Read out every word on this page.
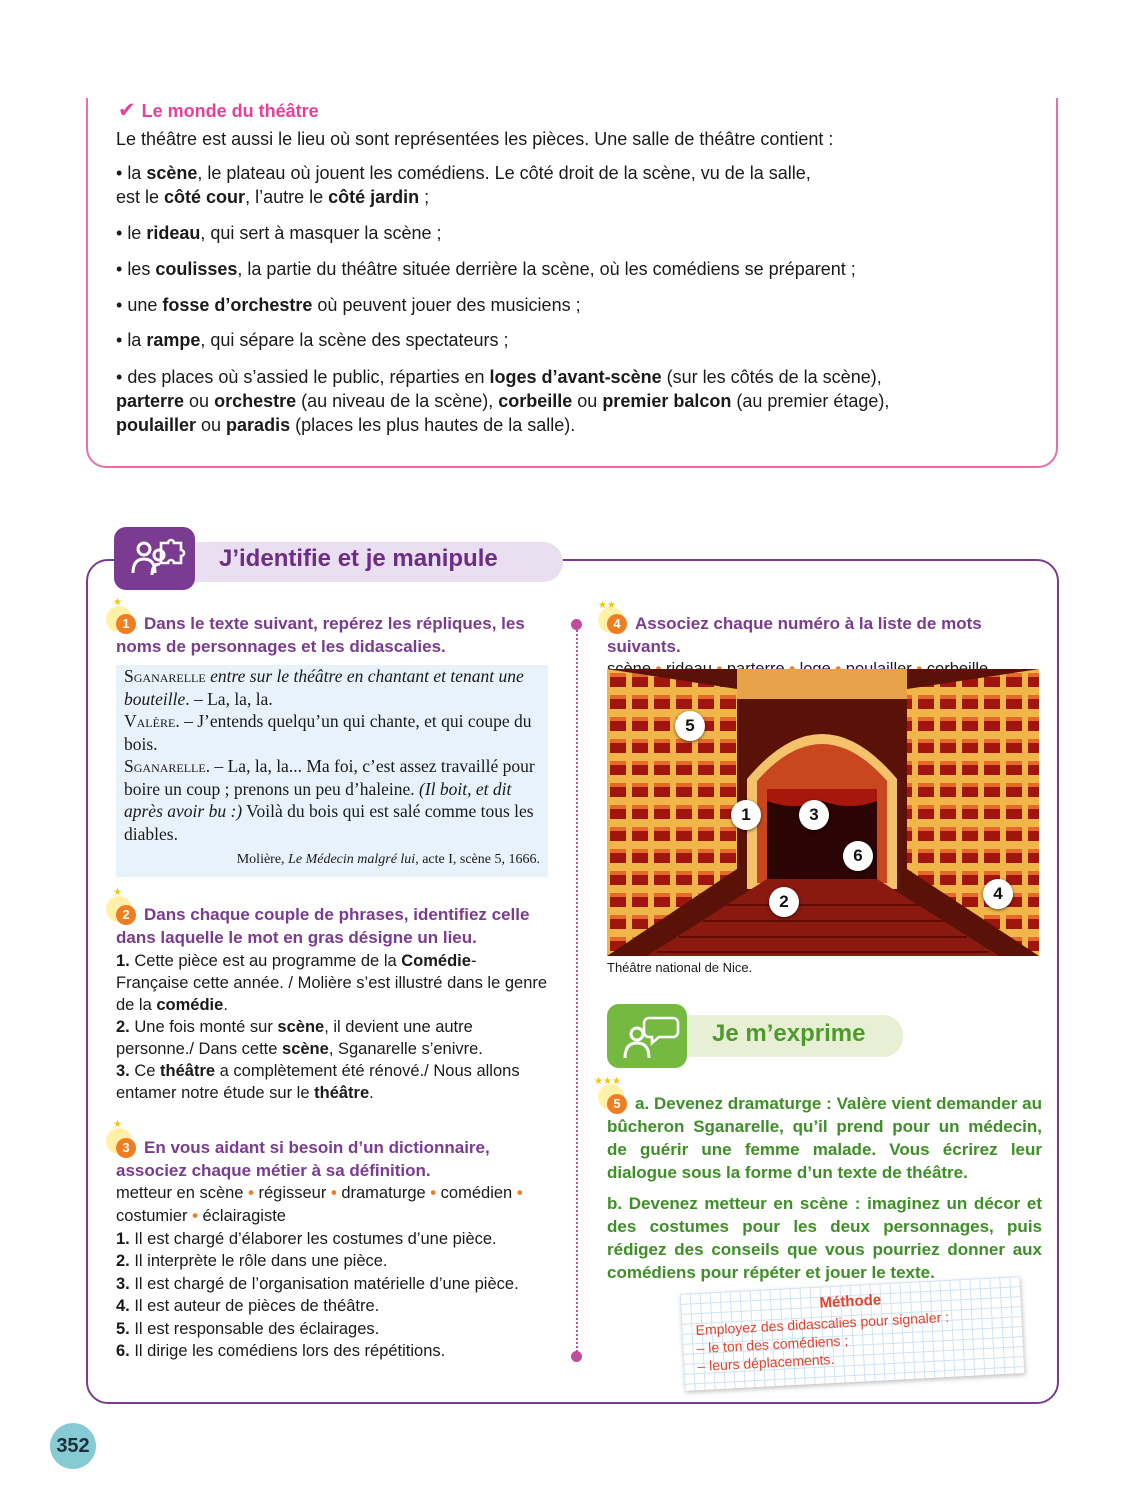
✔ Le monde du théâtre
Le théâtre est aussi le lieu où sont représentées les pièces. Une salle de théâtre contient :
• la scène, le plateau où jouent les comédiens. Le côté droit de la scène, vu de la salle,
est le côté cour, l’autre le côté jardin ;
• le rideau, qui sert à masquer la scène ;
• les coulisses, la partie du théâtre située derrière la scène, où les comédiens se préparent ;
• une fosse d’orchestre où peuvent jouer des musiciens ;
• la rampe, qui sépare la scène des spectateurs ;
• des places où s’assied le public, réparties en loges d’avant-scène (sur les côtés de la scène),
parterre ou orchestre (au niveau de la scène), corbeille ou premier balcon (au premier étage),
poulailler ou paradis (places les plus hautes de la salle).
J’identifie et je manipule
★
1 Dans le texte suivant, repérez les répliques, les noms de personnages et les didascalies.
Sganarelle entre sur le théâtre en chantant et tenant une bouteille. – La, la, la.
Valère. – J’entends quelqu’un qui chante, et qui coupe du bois.
Sganarelle. – La, la, la... Ma foi, c’est assez travaillé pour boire un coup ; prenons un peu d’haleine. (Il boit, et dit après avoir bu :) Voilà du bois qui est salé comme tous les diables.
Molière, Le Médecin malgré lui, acte I, scène 5, 1666.
★
2 Dans chaque couple de phrases, identifiez celle dans laquelle le mot en gras désigne un lieu.
1. Cette pièce est au programme de la Comédie-Française cette année. / Molière s’est illustré dans le genre de la comédie.
2. Une fois monté sur scène, il devient une autre personne./ Dans cette scène, Sganarelle s’enivre.
3. Ce théâtre a complètement été rénové./ Nous allons entamer notre étude sur le théâtre.
★
3 En vous aidant si besoin d’un dictionnaire, associez chaque métier à sa définition.
metteur en scène • régisseur • dramaturge • comédien • costumier • éclairagiste
1. Il est chargé d’élaborer les costumes d’une pièce.
2. Il interprète le rôle dans une pièce.
3. Il est chargé de l’organisation matérielle d’une pièce.
4. Il est auteur de pièces de théâtre.
5. Il est responsable des éclairages.
6. Il dirige les comédiens lors des répétitions.
★★
4 Associez chaque numéro à la liste de mots suivants.
5
1	3
6
2	4
Théâtre national de Nice.
Je m’exprime
★★★
5 a. Devenez dramaturge : Valère vient demander au bûcheron Sganarelle, qu’il prend pour un médecin, de guérir une femme malade. Vous écrirez leur dialogue sous la forme d’un texte de théâtre.
b. Devenez metteur en scène : imaginez un décor et des costumes pour les deux personnages, puis rédigez des conseils que vous pourriez donner aux comédiens pour répéter et jouer le texte.
Méthode
Employez des didascalies pour signaler :
– le ton des comédiens ;
– leurs déplacements.
352
